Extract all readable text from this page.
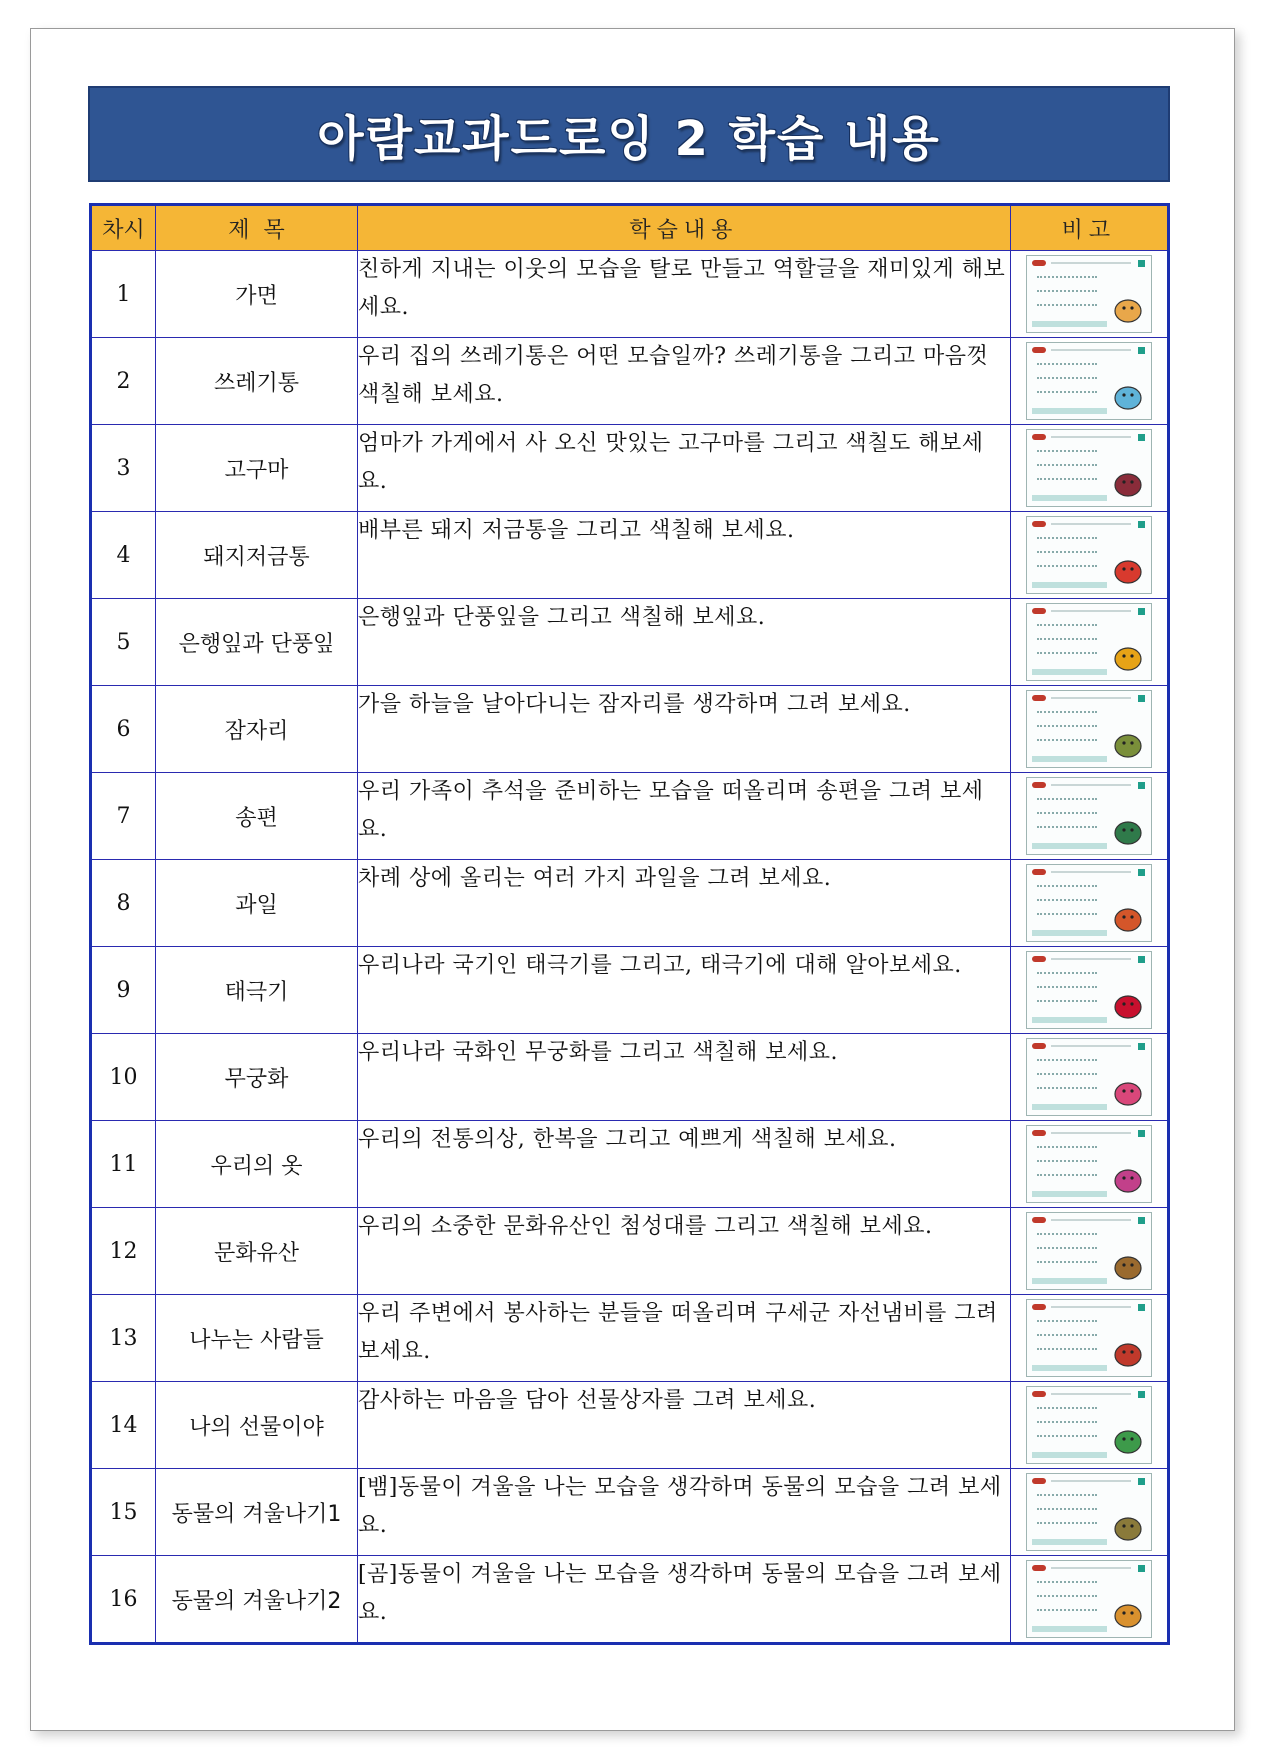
아람교과드로잉 2 학습 내용
차시	제  목	학습내용	비고
1	가면	친하게 지내는 이웃의 모습을 탈로 만들고 역할글을 재미있게 해보세요.	

2	쓰레기통	우리 집의 쓰레기통은 어떤 모습일까? 쓰레기통을 그리고 마음껏 색칠해 보세요.	

3	고구마	엄마가 가게에서 사 오신 맛있는 고구마를 그리고 색칠도 해보세요.	

4	돼지저금통	배부른 돼지 저금통을 그리고 색칠해 보세요.	

5	은행잎과 단풍잎	은행잎과 단풍잎을 그리고 색칠해 보세요.	

6	잠자리	가을 하늘을 날아다니는 잠자리를 생각하며 그려 보세요.	

7	송편	우리 가족이 추석을 준비하는 모습을 떠올리며 송편을 그려 보세요.	

8	과일	차례 상에 올리는 여러 가지 과일을 그려 보세요.	

9	태극기	우리나라 국기인 태극기를 그리고, 태극기에 대해 알아보세요.	

10	무궁화	우리나라 국화인 무궁화를 그리고 색칠해 보세요.	

11	우리의 옷	우리의 전통의상, 한복을 그리고 예쁘게 색칠해 보세요.	

12	문화유산	우리의 소중한 문화유산인 첨성대를 그리고 색칠해 보세요.	

13	나누는 사람들	우리 주변에서 봉사하는 분들을 떠올리며 구세군 자선냄비를 그려 보세요.	

14	나의 선물이야	감사하는 마음을 담아 선물상자를 그려 보세요.	

15	동물의 겨울나기1	[뱀]동물이 겨울을 나는 모습을 생각하며 동물의 모습을 그려 보세요.	

16	동물의 겨울나기2	[곰]동물이 겨울을 나는 모습을 생각하며 동물의 모습을 그려 보세요.	
